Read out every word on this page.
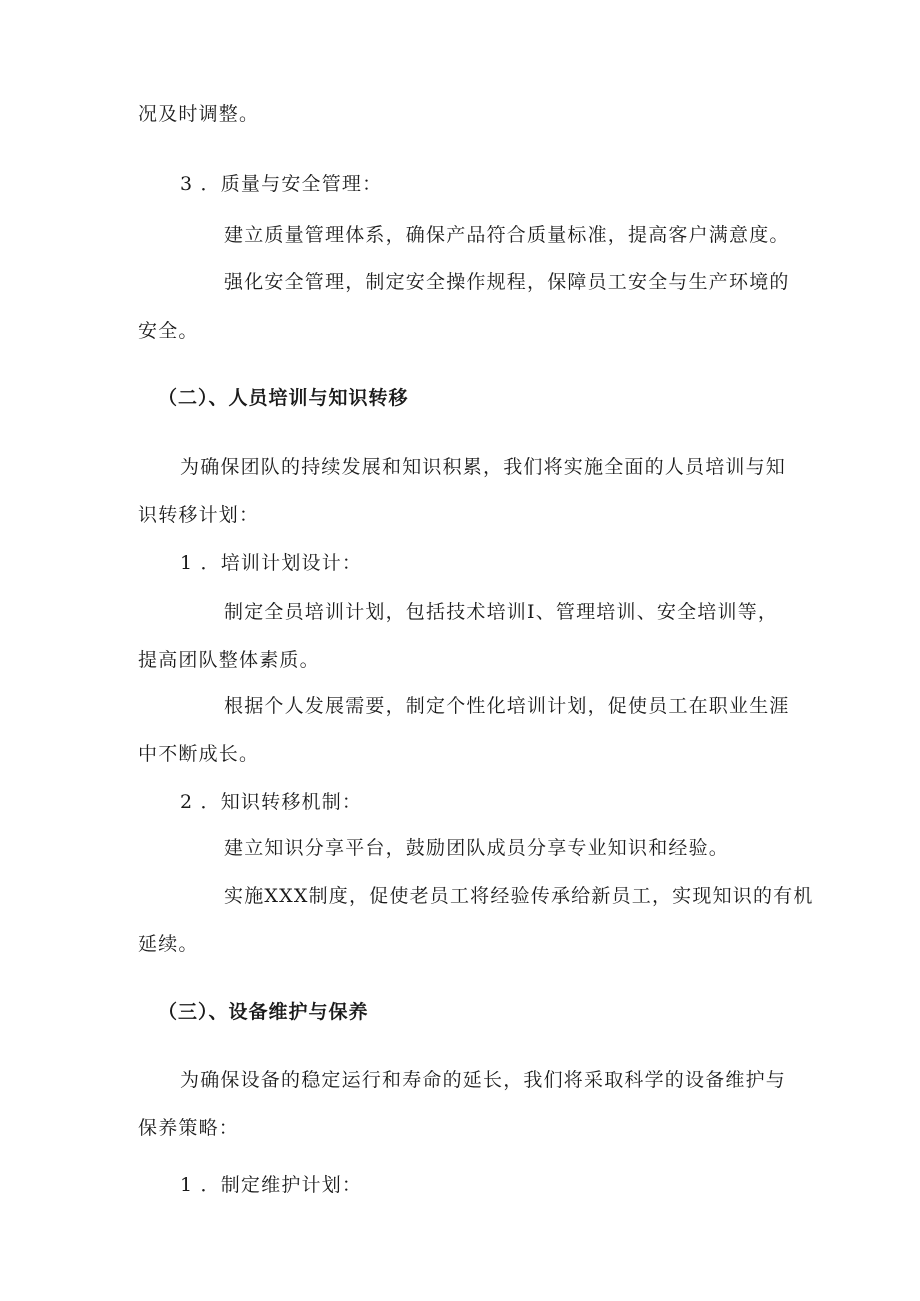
况及时调整。
3 ．质量与安全管理：
建立质量管理体系，确保产品符合质量标准，提高客户满意度。
强化安全管理，制定安全操作规程，保障员工安全与生产环境的
安全。
（二）、人员培训与知识转移
为确保团队的持续发展和知识积累，我们将实施全面的人员培训与知
识转移计划：
1 ．培训计划设计：
制定全员培训计划，包括技术培训I、管理培训、安全培训等，
提高团队整体素质。
根据个人发展需要，制定个性化培训计划，促使员工在职业生涯
中不断成长。
2 ．知识转移机制：
建立知识分享平台，鼓励团队成员分享专业知识和经验。
实施XXX制度，促使老员工将经验传承给新员工，实现知识的有机
延续。
（三）、设备维护与保养
为确保设备的稳定运行和寿命的延长，我们将采取科学的设备维护与
保养策略：
1 ．制定维护计划：
